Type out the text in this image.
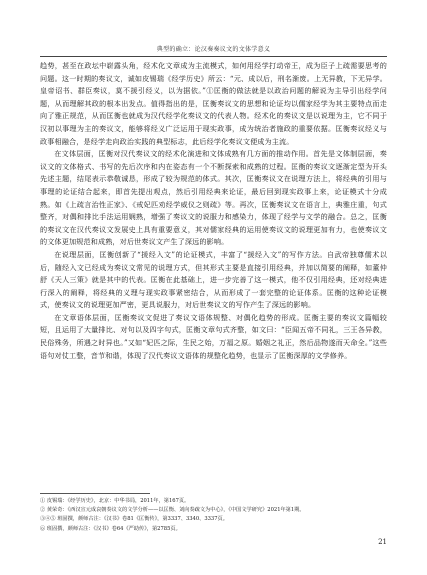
典型的确立：论汉奏奏议文的文体学意义

趋势，甚至在政坛中崭露头角，经术化文章成为主流模式，如何用经学打动帝王，成为臣子上疏需要思考的问题。这一时期的奏议文，诚如皮锡瑞《经学历史》所云：“元、成以后，刑名渐废。上无异教，下无异学。皇帝诏书、群臣奏议，莫不援引经义，以为据依。”①匡衡的做法就是以政治问题的解说为主导引出经学问题，从而理解其政的根本出发点。值得指出的是，匡衡奏议文的思想和论证均以儒家经学为其主要特点而走向了雅正规范，从而匡衡也就成为汉代经学化奏议文的代表人物。经术化的奏议文是以说理为主，它不同于汉初以事理为主的奏议文，能够将经义广泛运用于现实政事，成为统治者施政的重要依据。匡衡奏议经义与政事相融合，是经学走向政治实践的典型标志，此后经学化奏议文便成为主流。

在文体层面，匡衡对汉代奏议文的经术化演进和文体成熟有几方面的推动作用。首先是文体制层面，奏议文的文体格式、书写的先后次序和内在姿态有一个不断探索和成熟的过程。匡衡的奏议文逐渐定型为开头先述主题，结尾表示恭敬诚恳，形成了较为规范的体式。其次，匡衡奏议文在说理方法上，将经典的引用与事理的论证结合起来，即首先提出观点，然后引用经典来论证，最后回到现实政事上来，论证模式十分成熟。如《上疏言治性正家》、《戒妃匹劝经学威仪之则疏》等。再次，匡衡奏议文在语言上，典雅庄重，句式整齐，对偶和排比手法运用娴熟，增强了奏议文的说服力和感染力，体现了经学与文学的融合。总之，匡衡的奏议文在汉代奏议文发展史上具有重要意义，其对儒家经典的运用使奏议文的说理更加有力，也使奏议文的文体更加规范和成熟，对后世奏议文产生了深远的影响。

在说理层面，匡衡创新了“援经入文”的论证模式，丰富了“援经入文”的写作方法。自武帝独尊儒术以后，随经入文已经成为奏议文常见的说理方式，但其形式主要是直接引用经典，并加以简要的阐释，如董仲舒《天人三策》就是其中的代表。匡衡在此基础上，进一步完善了这一模式，他不仅引用经典，还对经典进行深入的阐释，将经典的义理与现实政事紧密结合，从而形成了一套完整的论证体系。匡衡的这种论证模式，使奏议文的说理更加严密，更具说服力，对后世奏议文的写作产生了深远的影响。

在文章语体层面，匡衡奏议文促进了奏议文语体规整、对偶化趋势的形成。匡衡主要的奏议文篇幅较短，且运用了大量排比、对句以及四字句式，匡衡文章句式齐整，如文曰：“臣闻五帝不同礼，三王各异教，民俗殊务，所遇之时异也。”又如“妃匹之际，生民之始，万福之原。婚姻之礼正，然后品物遂而天命全。”这些语句对仗工整，音节和谐，体现了汉代奏议文语体的规整化趋势，也显示了匡衡深厚的文学修养。

① 皮锡瑞：《经学历史》，北京：中华书局，2011年，第167页。

② 黄荣奇：《西汉宣元成哀朝奏议文的文学分析——以匡衡、刘向奏疏文为中心》，《中国文学研究》2021年第1期。

③④⑤ 班固撰，颜师古注：《汉书》卷81《匡衡传》，第3337、3340、3337页。

⑥ 班固撰，颜师古注：《汉书》卷64《严助传》，第2785页。

21
